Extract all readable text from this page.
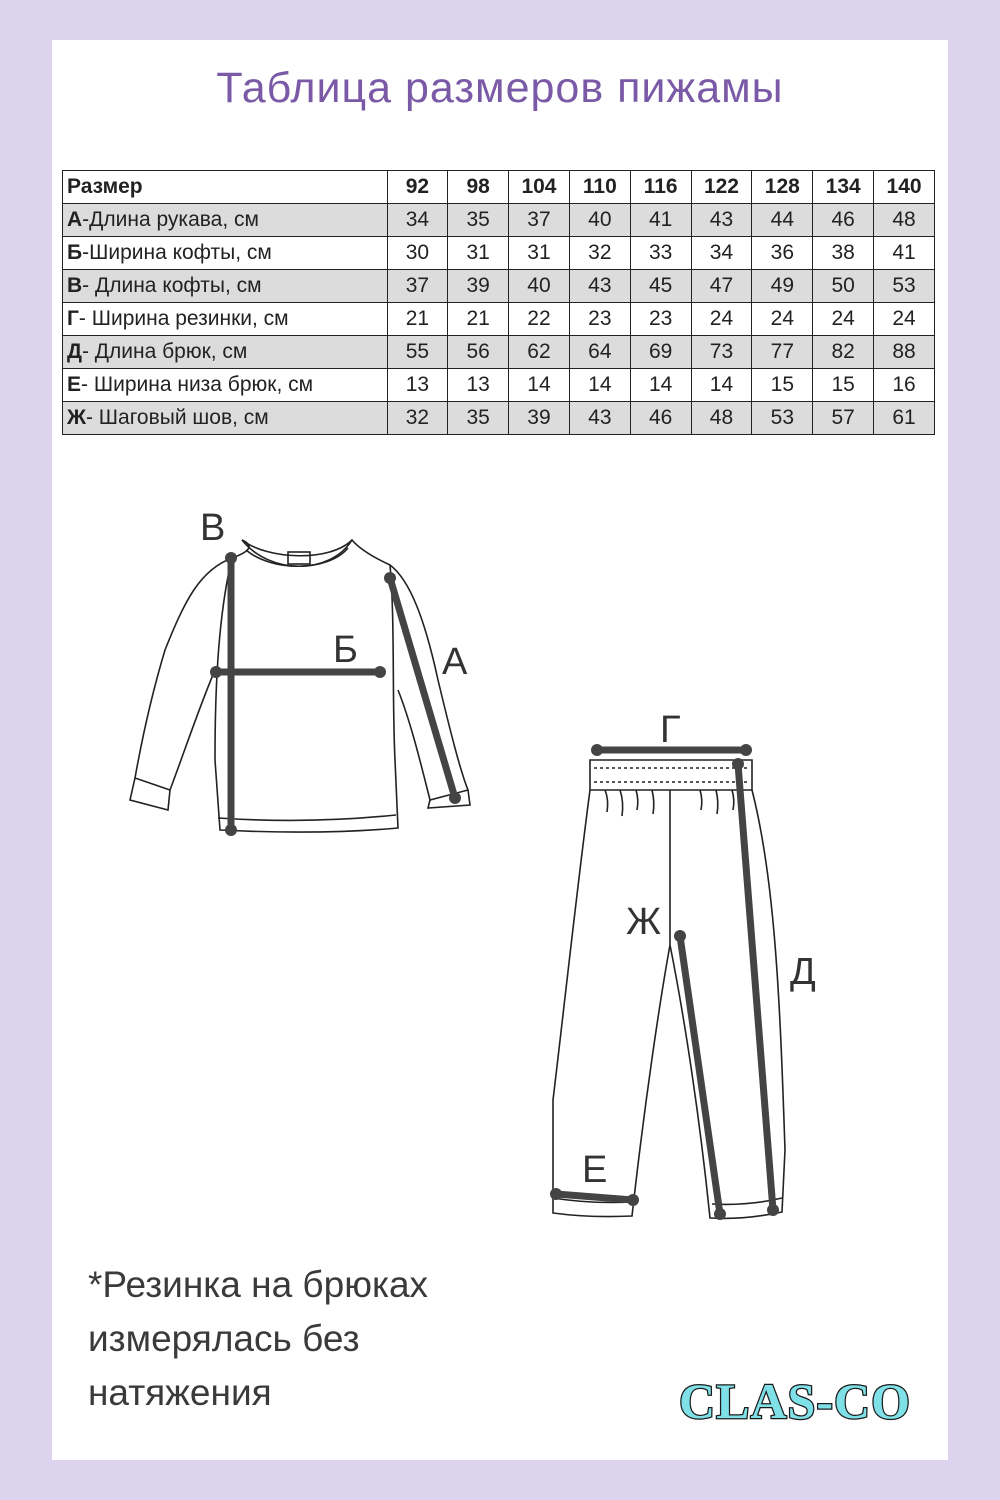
Таблица размеров пижамы
Размер	92	98	104	110	116	122	128	134	140
А-Длина рукава, см	34	35	37	40	41	43	44	46	48
Б-Ширина кофты, см	30	31	31	32	33	34	36	38	41
В- Длина кофты, см	37	39	40	43	45	47	49	50	53
Г- Ширина резинки, см	21	21	22	23	23	24	24	24	24
Д- Длина брюк, см	55	56	62	64	69	73	77	82	88
Е- Ширина низа брюк, см	13	13	14	14	14	14	15	15	16
Ж- Шаговый шов, см	32	35	39	43	46	48	53	57	61
В
Б А
Г
Ж
Д
Е
*Резинка на брюках
измерялась без
натяжения	CLAS-CO
